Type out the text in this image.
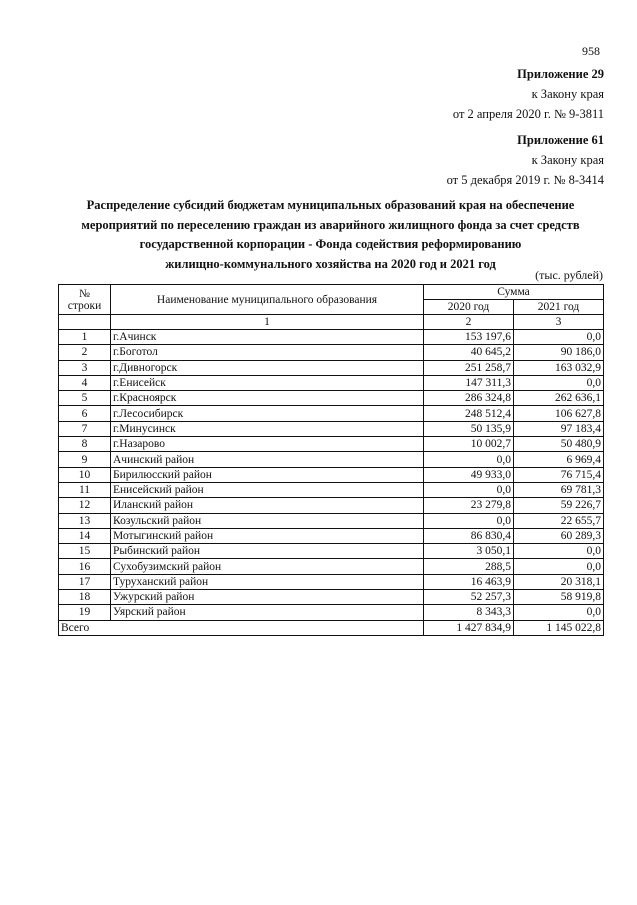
958
Приложение 29
к Закону края
от 2 апреля 2020 г. № 9-3811
Приложение 61
к Закону края
от 5 декабря 2019 г. № 8-3414
Распределение субсидий бюджетам муниципальных образований края на обеспечение
мероприятий по переселению граждан из аварийного жилищного фонда за счет средств
государственной корпорации - Фонда содействия реформированию
жилищно-коммунального хозяйства на 2020 год и 2021 год
(тыс. рублей)
№ строки	Наименование муниципального образования	Сумма	
		2020 год	2021 год
	1	2	3
1	г.Ачинск	153 197,6	0,0
2	г.Боготол	40 645,2	90 186,0
3	г.Дивногорск	251 258,7	163 032,9
4	г.Енисейск	147 311,3	0,0
5	г.Красноярск	286 324,8	262 636,1
6	г.Лесосибирск	248 512,4	106 627,8
7	г.Минусинск	50 135,9	97 183,4
8	г.Назарово	10 002,7	50 480,9
9	Ачинский район	0,0	6 969,4
10	Бирилюсский район	49 933,0	76 715,4
11	Енисейский район	0,0	69 781,3
12	Иланский район	23 279,8	59 226,7
13	Козульский район	0,0	22 655,7
14	Мотыгинский район	86 830,4	60 289,3
15	Рыбинский район	3 050,1	0,0
16	Сухобузимский район	288,5	0,0
17	Туруханский район	16 463,9	20 318,1
18	Ужурский район	52 257,3	58 919,8
19	Уярский район	8 343,3	0,0
Всего		1 427 834,9	1 145 022,8
